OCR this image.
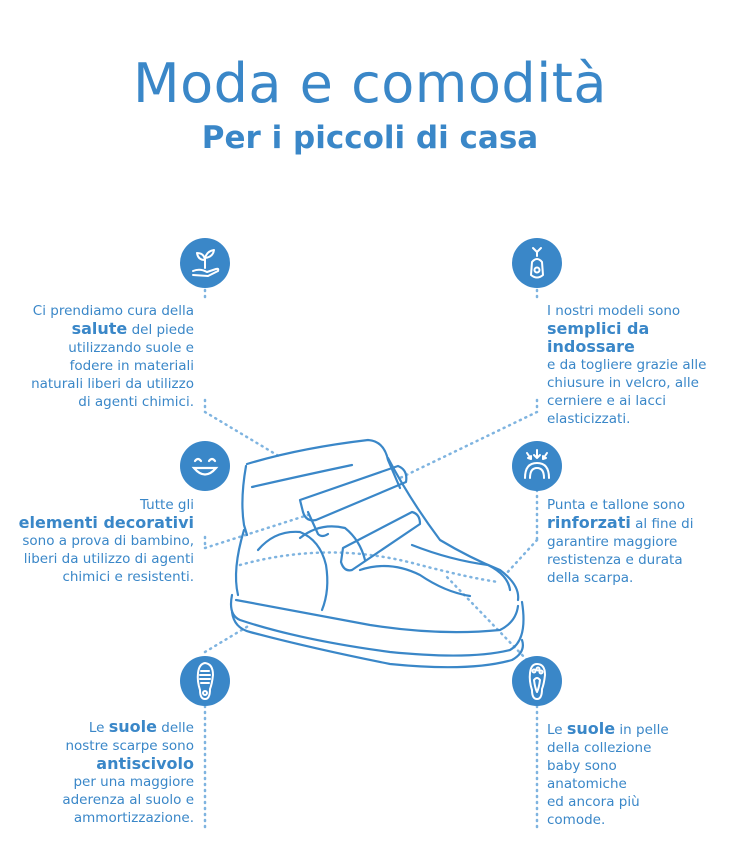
Moda e comodità
Per i piccoli di casa
Ci prendiamo cura della
salute del piede
utilizzando suole e
fodere in materiali
naturali liberi da utilizzo
di agenti chimici.
I nostri modeli sono
semplici da indossare
e da togliere grazie alle
chiusure in velcro, alle
cerniere e ai lacci
elasticizzati.
Tutte gli
elementi decorativi
sono a prova di bambino,
liberi da utilizzo di agenti
chimici e resistenti.
Punta e tallone sono
rinforzati al fine di
garantire maggiore
restistenza e durata
della scarpa.
Le suole delle
nostre scarpe sono
antiscivolo
per una maggiore
aderenza al suolo e
ammortizzazione.
Le suole in pelle
della collezione
baby sono
anatomiche
ed ancora più
comode.
